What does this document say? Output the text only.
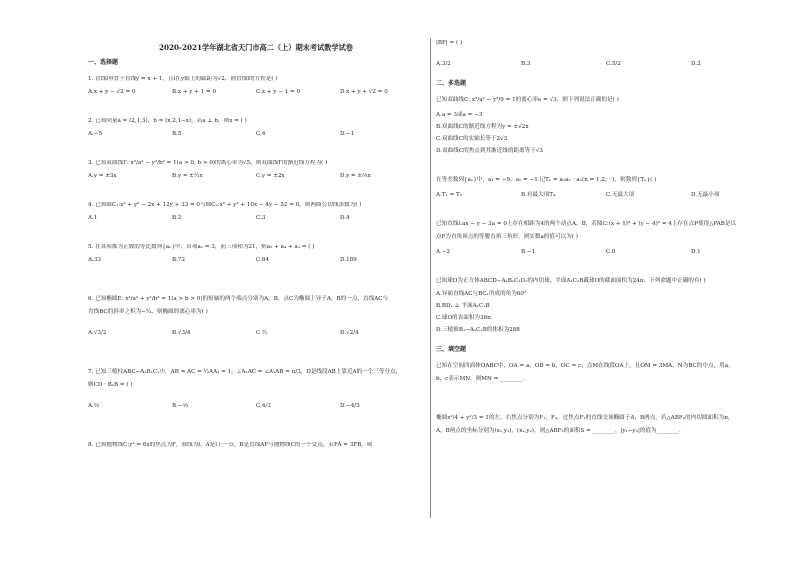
2020-2021学年湖北省天门市高二（上）期末考试数学试卷
一、选择题
1. 直线l垂直于直线y = x + 1，且l在y轴上的截距为√2，则直线l的方程是( )
A.x + y − √2 = 0	B.x + y + 1 = 0	C.x + y − 1 = 0	D.x + y + √2 = 0
2. 已知向量a = (2,1,3)，b = (x,2,1−x)，若a ⊥ b，则x = ( )
A.−5	B.5	C.4	D.−1
3. 已知双曲线Γ: x²/a² − y²/b² = 1(a > 0, b > 0)的离心率为√5，则双曲线Γ的渐近线方程为( )
A.y = ±3x	B.y = ±½x	C.y = ±2x	D.y = ±⅓x
4. 已知圆C₁:x² + y² − 2x + 12y + 33 = 0与圆C₂:x² + y² + 10x − 4y − 52 = 0，则两圆公切线条数为( )
A.1	B.2	C.3	D.4
5. 在各项都为正数的等比数列{aₙ}中，首项a₁ = 3，前三项和为21，则a₃ + a₄ + a₅ = ( )
A.33	B.72	C.84	D.189
6. 已知椭圆E: x²/a² + y²/b² = 1(a > b > 0)的短轴的两个端点分别为A，B，点C为椭圆上异于A，B的一点，直线AC与
直线BC的斜率之积为−¼，则椭圆的离心率为( )
A.√3/2	B.√3/4	C.½	D.√2/4
7. 已知三棱柱ABC−A₁B₁C₁中，AB = AC = ½AA₁ = 1，∠A₁AC = ∠A₁AB = π/3，D是线段AB上靠近A的一个三等分点，
则CD · B₁B = ( )
A.⅔	B.−⅔	C.4/3	D.−4/3
8. 已知抛物线C:y² = 6x的焦点为F，准线为l，A是l上一点，B是直线AF与抛物线C的一个交点，若FA = 3FB，则
|BF| = ( )
A.3/2	B.3	C.5/2	D.2
二、多选题
已知双曲线C: x²/a² − y²/9 = 1的离心率e = √3，则下列说法正确的是( )
A.a = 3或a = −3
B.双曲线C的渐近线方程为y = ±√2x
C.双曲线C的实轴长等于2√3
D.双曲线C的焦点到其渐近线的距离等于√3
在等差数列{aₙ}中，a₁ = −9，a₅ = −1.记Tₙ = a₁a₂⋯aₙ(n = 1,2,⋯)，则数列{Tₙ}( )
A.T₁ = T₂	B.有最大项T₄	C.无最大项	D.无最小项
已知直线l:ax − y − 3a = 0上存在相距为4的两个动点A，B，若圆C:(x + 1)² + (y − 4)² = 4上存在点P使得△PAB是以
点P为直角顶点的等腰直角三角形，则实数a的值可以为( )
A.−2	B.−1	C.0	D.1
已知球O为正方体ABCD−A₁B₁C₁D₁的内切球，平面A₁C₁B截球O的截面面积为24π，下列命题中正确的有( )
A.异面直线AC与BC₁所成的角为60°
B.BD₁ ⊥ 平面A₁C₁B
C.球O的表面积为36π
D.三棱锥B₁−A₁C₁B的体积为288
三、填空题
已知在空间四面体OABC中，OA = a，OB = b，OC = c，点M在线段OA上，且OM = 3MA，N为BC的中点，用a，
b，c表示MN，则MN = ________.
椭圆x²/4 + y²/3 = 1的左、右焦点分别为F₁，F₂，过焦点F₁的直线交该椭圆于A，B两点，若△ABF₂的内切圆面积为π，
A，B两点的坐标分别为(x₁,y₁)，(x₂,y₂)，则△ABF₂的面积S = ________，|y₁−y₂|的值为________.
